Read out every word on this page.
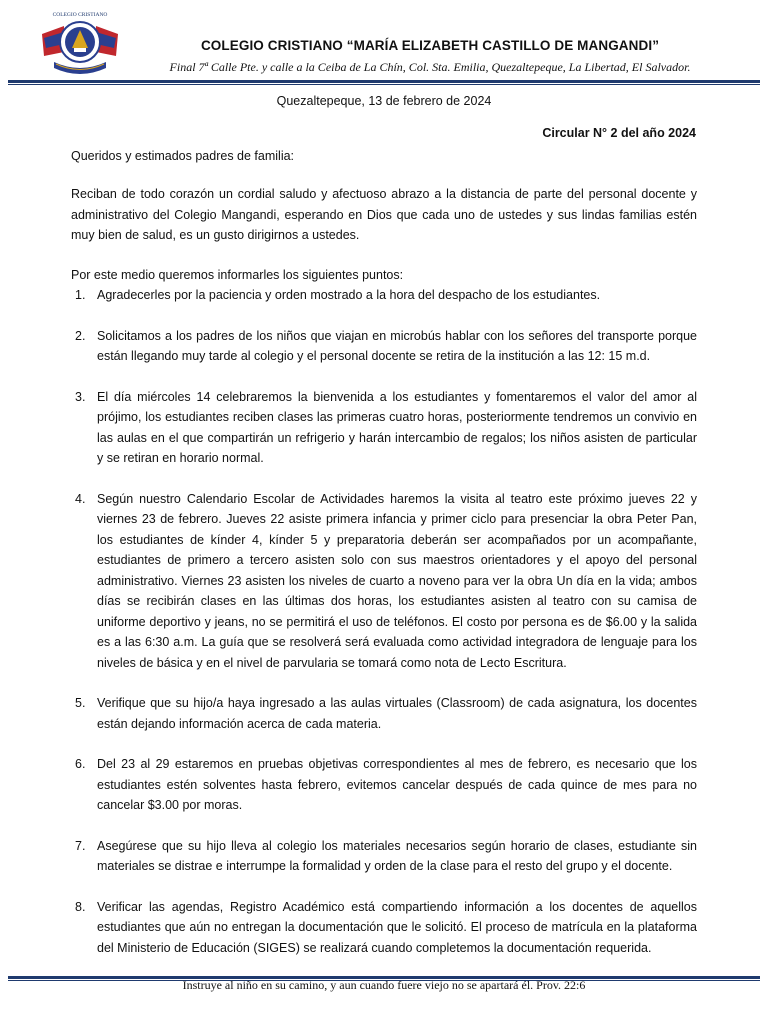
COLEGIO CRISTIANO
COLEGIO CRISTIANO “MARÍA ELIZABETH CASTILLO DE MANGANDI”
Final 7ª Calle Pte. y calle a la Ceiba de La Chín, Col. Sta. Emilia, Quezaltepeque, La Libertad, El Salvador.
Quezaltepeque, 13 de febrero de 2024
Circular N° 2 del año 2024

Queridos y estimados padres de familia:

Reciban de todo corazón un cordial saludo y afectuoso abrazo a la distancia de parte del personal docente y administrativo del Colegio Mangandi, esperando en Dios que cada uno de ustedes y sus lindas familias estén muy bien de salud, es un gusto dirigirnos a ustedes.

Por este medio queremos informarles los siguientes puntos:

1. Agradecerles por la paciencia y orden mostrado a la hora del despacho de los estudiantes.
2. Solicitamos a los padres de los niños que viajan en microbús hablar con los señores del transporte porque están llegando muy tarde al colegio y el personal docente se retira de la institución a las 12: 15 m.d.
3. El día miércoles 14 celebraremos la bienvenida a los estudiantes y fomentaremos el valor del amor al prójimo, los estudiantes reciben clases las primeras cuatro horas, posteriormente tendremos un convivio en las aulas en el que compartirán un refrigerio y harán intercambio de regalos; los niños asisten de particular y se retiran en horario normal.
4. Según nuestro Calendario Escolar de Actividades haremos la visita al teatro este próximo jueves 22 y viernes 23 de febrero. Jueves 22 asiste primera infancia y primer ciclo para presenciar la obra Peter Pan, los estudiantes de kínder 4, kínder 5 y preparatoria deberán ser acompañados por un acompañante, estudiantes de primero a tercero asisten solo con sus maestros orientadores y el apoyo del personal administrativo. Viernes 23 asisten los niveles de cuarto a noveno para ver la obra Un día en la vida; ambos días se recibirán clases en las últimas dos horas, los estudiantes asisten al teatro con su camisa de uniforme deportivo y jeans, no se permitirá el uso de teléfonos. El costo por persona es de $6.00 y la salida es a las 6:30 a.m. La guía que se resolverá será evaluada como actividad integradora de lenguaje para los niveles de básica y en el nivel de parvularia se tomará como nota de Lecto Escritura.
5. Verifique que su hijo/a haya ingresado a las aulas virtuales (Classroom) de cada asignatura, los docentes están dejando información acerca de cada materia.
6. Del 23 al 29 estaremos en pruebas objetivas correspondientes al mes de febrero, es necesario que los estudiantes estén solventes hasta febrero, evitemos cancelar después de cada quince de mes para no cancelar $3.00 por moras.
7. Asegúrese que su hijo lleva al colegio los materiales necesarios según horario de clases, estudiante sin materiales se distrae e interrumpe la formalidad y orden de la clase para el resto del grupo y el docente.
8. Verificar las agendas, Registro Académico está compartiendo información a los docentes de aquellos estudiantes que aún no entregan la documentación que le solicitó. El proceso de matrícula en la plataforma del Ministerio de Educación (SIGES) se realizará cuando completemos la documentación requerida.
Instruye al niño en su camino, y aun cuando fuere viejo no se apartará él. Prov. 22:6
